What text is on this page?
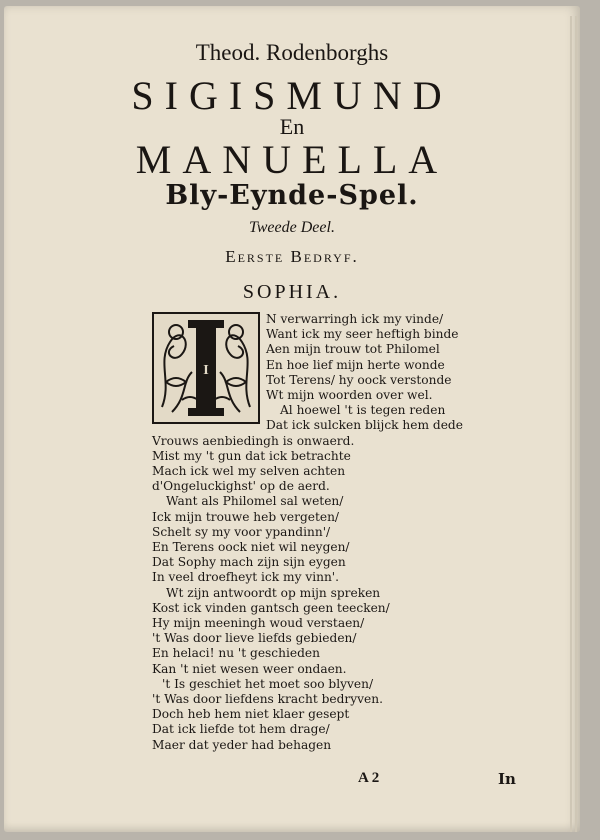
Theod. Rodenborghs
SIGISMUND
En
MANUELLA
Bly-Eynde-Spel.
Tweede Deel.
Eerste Bedryf.
SOPHIA.
I
N verwarringh ick my vinde/
Want ick my seer heftigh binde
Aen mijn trouw tot Philomel
En hoe lief mijn herte wonde
Tot Terens/ hy oock verstonde
Wt mijn woorden over wel.
Al hoewel 't is tegen reden
Dat ick sulcken blijck hem dede
Vrouws aenbiedingh is onwaerd.
Mist my 't gun dat ick betrachte
Mach ick wel my selven achten
d'Ongeluckighst' op de aerd.
Want als Philomel sal weten/
Ick mijn trouwe heb vergeten/
Schelt sy my voor ypandinn'/
En Terens oock niet wil neygen/
Dat Sophy mach zijn sijn eygen
In veel droefheyt ick my vinn'.
Wt zijn antwoordt op mijn spreken
Kost ick vinden gantsch geen teecken/
Hy mijn meeningh woud verstaen/
't Was door lieve liefds gebieden/
En helaci! nu 't geschieden
Kan 't niet wesen weer ondaen.
't Is geschiet het moet soo blyven/
't Was door liefdens kracht bedryven.
Doch heb hem niet klaer gesept
Dat ick liefde tot hem drage/
Maer dat yeder had behagen
A 2	In
